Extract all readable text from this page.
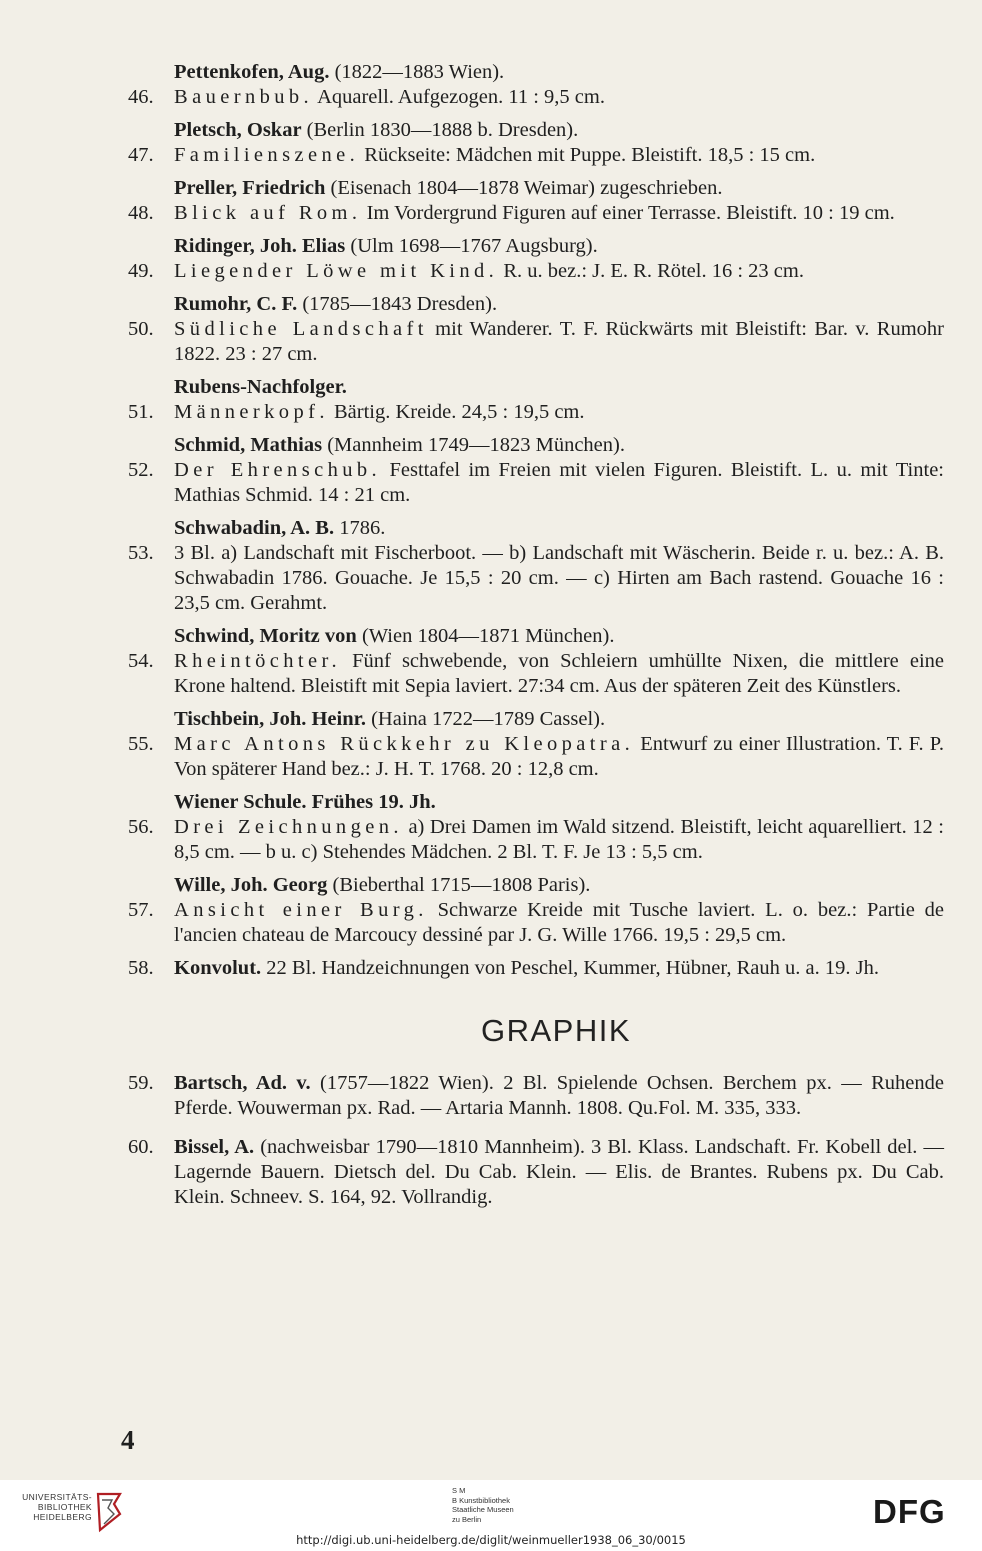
Pettenkofen, Aug. (1822—1883 Wien).
46. Bauernbub. Aquarell. Aufgezogen. 11 : 9,5 cm.
Pletsch, Oskar (Berlin 1830—1888 b. Dresden).
47. Familienszene. Rückseite: Mädchen mit Puppe. Bleistift. 18,5 : 15 cm.
Preller, Friedrich (Eisenach 1804—1878 Weimar) zugeschrieben.
48. Blick auf Rom. Im Vordergrund Figuren auf einer Terrasse. Bleistift. 10 : 19 cm.
Ridinger, Joh. Elias (Ulm 1698—1767 Augsburg).
49. Liegender Löwe mit Kind. R. u. bez.: J. E. R. Rötel. 16 : 23 cm.
Rumohr, C. F. (1785—1843 Dresden).
50. Südliche Landschaft mit Wanderer. T. F. Rückwärts mit Bleistift: Bar. v. Rumohr 1822. 23 : 27 cm.
Rubens-Nachfolger.
51. Männerkopf. Bärtig. Kreide. 24,5 : 19,5 cm.
Schmid, Mathias (Mannheim 1749—1823 München).
52. Der Ehrenschub. Festtafel im Freien mit vielen Figuren. Bleistift. L. u. mit Tinte: Mathias Schmid. 14 : 21 cm.
Schwabadin, A. B. 1786.
53. 3 Bl. a) Landschaft mit Fischerboot. — b) Landschaft mit Wäscherin. Beide r. u. bez.: A. B. Schwabadin 1786. Gouache. Je 15,5 : 20 cm. — c) Hirten am Bach rastend. Gouache 16 : 23,5 cm. Gerahmt.
Schwind, Moritz von (Wien 1804—1871 München).
54. Rheintöchter. Fünf schwebende, von Schleiern umhüllte Nixen, die mittlere eine Krone haltend. Bleistift mit Sepia laviert. 27:34 cm. Aus der späteren Zeit des Künstlers.
Tischbein, Joh. Heinr. (Haina 1722—1789 Cassel).
55. Marc Antons Rückkehr zu Kleopatra. Entwurf zu einer Illustration. T. F. P. Von späterer Hand bez.: J. H. T. 1768. 20 : 12,8 cm.
Wiener Schule. Frühes 19. Jh.
56. Drei Zeichnungen. a) Drei Damen im Wald sitzend. Bleistift, leicht aquarelliert. 12 : 8,5 cm. — b u. c) Stehendes Mädchen. 2 Bl. T. F. Je 13 : 5,5 cm.
Wille, Joh. Georg (Bieberthal 1715—1808 Paris).
57. Ansicht einer Burg. Schwarze Kreide mit Tusche laviert. L. o. bez.: Partie de l'ancien chateau de Marcoucy dessiné par J. G. Wille 1766. 19,5 : 29,5 cm.
58. Konvolut. 22 Bl. Handzeichnungen von Peschel, Kummer, Hübner, Rauh u. a. 19. Jh.
GRAPHIK
59. Bartsch, Ad. v. (1757—1822 Wien). 2 Bl. Spielende Ochsen. Berchem px. — Ruhende Pferde. Wouwerman px. Rad. — Artaria Mannh. 1808. Qu.Fol. M. 335, 333.
60. Bissel, A. (nachweisbar 1790—1810 Mannheim). 3 Bl. Klass. Landschaft. Fr. Kobell del. — Lagernde Bauern. Dietsch del. Du Cab. Klein. — Elis. de Brantes. Rubens px. Du Cab. Klein. Schneev. S. 164, 92. Vollrandig.
4
UNIVERSITÄTS-
BIBLIOTHEK
HEIDELBERG
S M
B Kunstbibliothek
Staatliche Museen
zu Berlin	DFG
http://digi.ub.uni-heidelberg.de/diglit/weinmueller1938_06_30/0015
